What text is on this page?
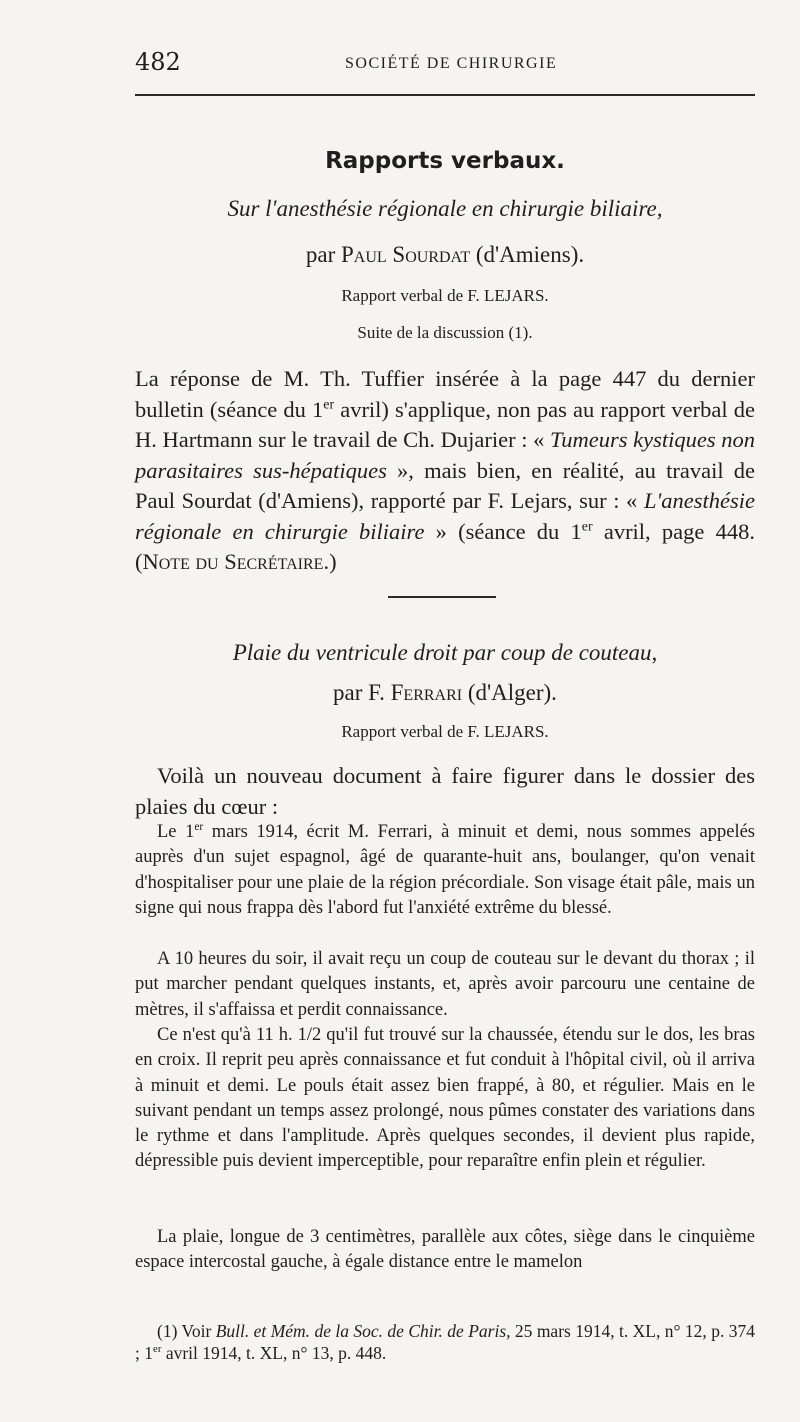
482	SOCIÉTÉ DE CHIRURGIE
Rapports verbaux.
Sur l'anesthésie régionale en chirurgie biliaire,
par Paul Sourdat (d'Amiens).
Rapport verbal de F. LEJARS.
Suite de la discussion (1).
La réponse de M. Th. Tuffier insérée à la page 447 du dernier bulletin (séance du 1er avril) s'applique, non pas au rapport verbal de H. Hartmann sur le travail de Ch. Dujarier : « Tumeurs kystiques non parasitaires sus-hépatiques », mais bien, en réalité, au travail de Paul Sourdat (d'Amiens), rapporté par F. Lejars, sur : « L'anesthésie régionale en chirurgie biliaire » (séance du 1er avril, page 448. (Note du Secrétaire.)
Plaie du ventricule droit par coup de couteau,
par F. Ferrari (d'Alger).
Rapport verbal de F. LEJARS.
Voilà un nouveau document à faire figurer dans le dossier des plaies du cœur :
Le 1er mars 1914, écrit M. Ferrari, à minuit et demi, nous sommes appelés auprès d'un sujet espagnol, âgé de quarante-huit ans, boulanger, qu'on venait d'hospitaliser pour une plaie de la région précordiale. Son visage était pâle, mais un signe qui nous frappa dès l'abord fut l'anxiété extrême du blessé.
A 10 heures du soir, il avait reçu un coup de couteau sur le devant du thorax ; il put marcher pendant quelques instants, et, après avoir parcouru une centaine de mètres, il s'affaissa et perdit connaissance.
Ce n'est qu'à 11 h. 1/2 qu'il fut trouvé sur la chaussée, étendu sur le dos, les bras en croix. Il reprit peu après connaissance et fut conduit à l'hôpital civil, où il arriva à minuit et demi. Le pouls était assez bien frappé, à 80, et régulier. Mais en le suivant pendant un temps assez prolongé, nous pûmes constater des variations dans le rythme et dans l'amplitude. Après quelques secondes, il devient plus rapide, dépressible puis devient imperceptible, pour reparaître enfin plein et régulier.
La plaie, longue de 3 centimètres, parallèle aux côtes, siège dans le cinquième espace intercostal gauche, à égale distance entre le mamelon
(1) Voir Bull. et Mém. de la Soc. de Chir. de Paris, 25 mars 1914, t. XL, n° 12, p. 374 ; 1er avril 1914, t. XL, n° 13, p. 448.
